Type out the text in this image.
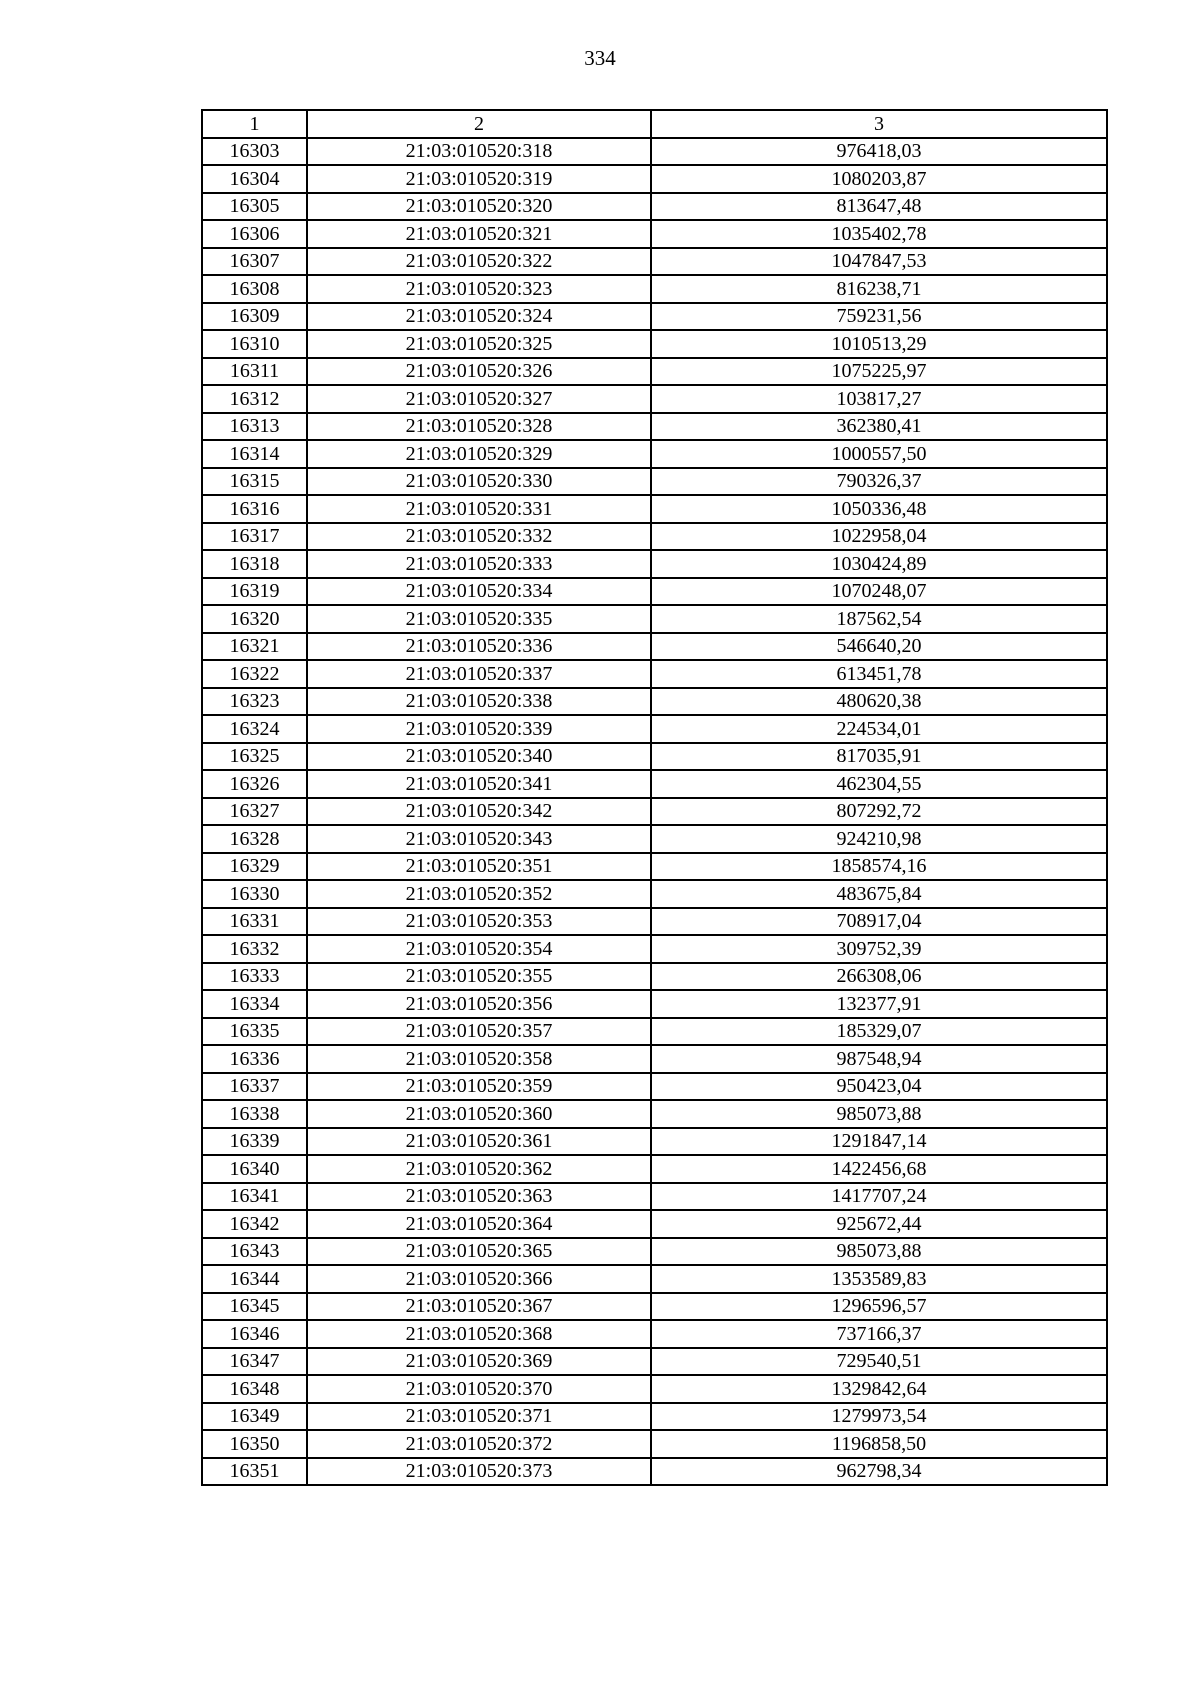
334
1	2	3
16303	21:03:010520:318	976418,03
16304	21:03:010520:319	1080203,87
16305	21:03:010520:320	813647,48
16306	21:03:010520:321	1035402,78
16307	21:03:010520:322	1047847,53
16308	21:03:010520:323	816238,71
16309	21:03:010520:324	759231,56
16310	21:03:010520:325	1010513,29
16311	21:03:010520:326	1075225,97
16312	21:03:010520:327	103817,27
16313	21:03:010520:328	362380,41
16314	21:03:010520:329	1000557,50
16315	21:03:010520:330	790326,37
16316	21:03:010520:331	1050336,48
16317	21:03:010520:332	1022958,04
16318	21:03:010520:333	1030424,89
16319	21:03:010520:334	1070248,07
16320	21:03:010520:335	187562,54
16321	21:03:010520:336	546640,20
16322	21:03:010520:337	613451,78
16323	21:03:010520:338	480620,38
16324	21:03:010520:339	224534,01
16325	21:03:010520:340	817035,91
16326	21:03:010520:341	462304,55
16327	21:03:010520:342	807292,72
16328	21:03:010520:343	924210,98
16329	21:03:010520:351	1858574,16
16330	21:03:010520:352	483675,84
16331	21:03:010520:353	708917,04
16332	21:03:010520:354	309752,39
16333	21:03:010520:355	266308,06
16334	21:03:010520:356	132377,91
16335	21:03:010520:357	185329,07
16336	21:03:010520:358	987548,94
16337	21:03:010520:359	950423,04
16338	21:03:010520:360	985073,88
16339	21:03:010520:361	1291847,14
16340	21:03:010520:362	1422456,68
16341	21:03:010520:363	1417707,24
16342	21:03:010520:364	925672,44
16343	21:03:010520:365	985073,88
16344	21:03:010520:366	1353589,83
16345	21:03:010520:367	1296596,57
16346	21:03:010520:368	737166,37
16347	21:03:010520:369	729540,51
16348	21:03:010520:370	1329842,64
16349	21:03:010520:371	1279973,54
16350	21:03:010520:372	1196858,50
16351	21:03:010520:373	962798,34
